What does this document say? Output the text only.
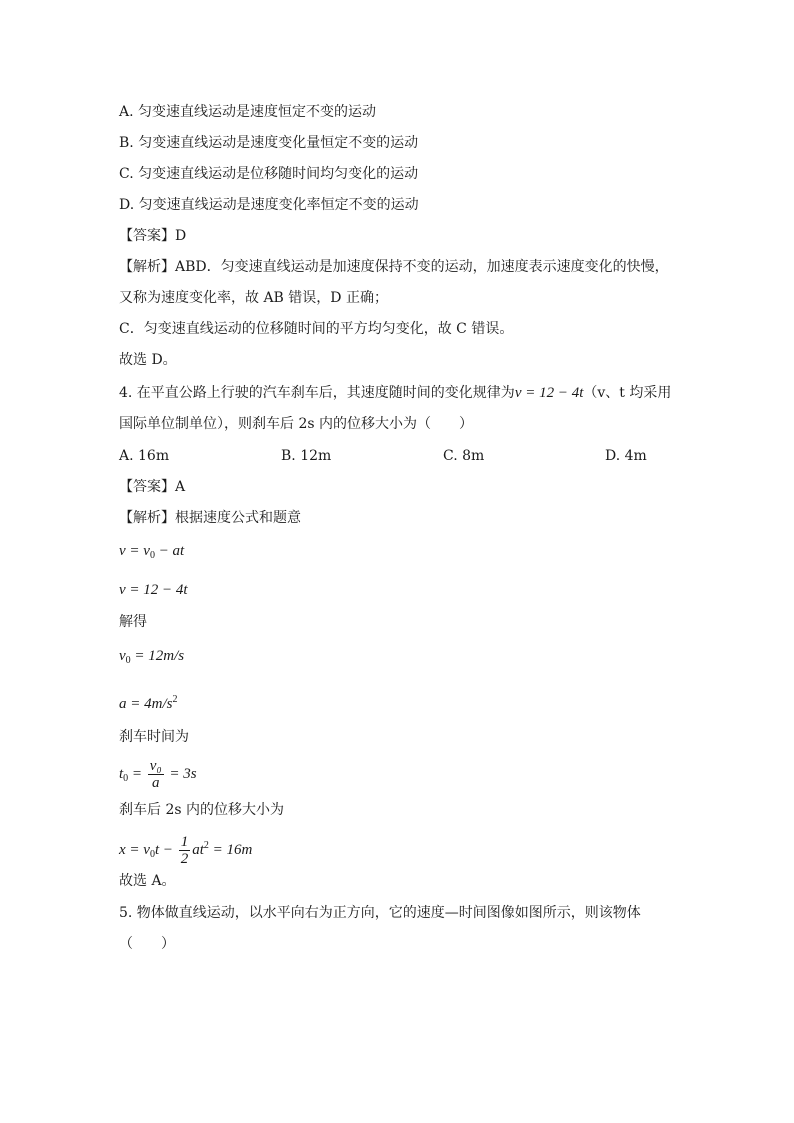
A. 匀变速直线运动是速度恒定不变的运动
B. 匀变速直线运动是速度变化量恒定不变的运动
C. 匀变速直线运动是位移随时间均匀变化的运动
D. 匀变速直线运动是速度变化率恒定不变的运动
【答案】D
【解析】ABD．匀变速直线运动是加速度保持不变的运动，加速度表示速度变化的快慢，
又称为速度变化率，故 AB 错误，D 正确；
C．匀变速直线运动的位移随时间的平方均匀变化，故 C 错误。
故选 D。
4. 在平直公路上行驶的汽车刹车后，其速度随时间的变化规律为v = 12 − 4t（v、t 均采用
国际单位制单位），则刹车后 2s 内的位移大小为（　　）
A. 16m	B. 12m	C. 8m	D. 4m
【答案】A
【解析】根据速度公式和题意
$v = v_0$ − at
v = 12 − 4t
解得
$v_0 = 12m/s$
$a = 4m/s^2$
刹车时间为
$t_0 = \frac{\text{v₀}}{a} = 3s$
刹车后 2s 内的位移大小为
$x = v_0t - \frac{1}{2} at^2 = 16m$
故选 A。
5. 物体做直线运动，以水平向右为正方向，它的速度—时间图像如图所示，则该物体
（　　）
